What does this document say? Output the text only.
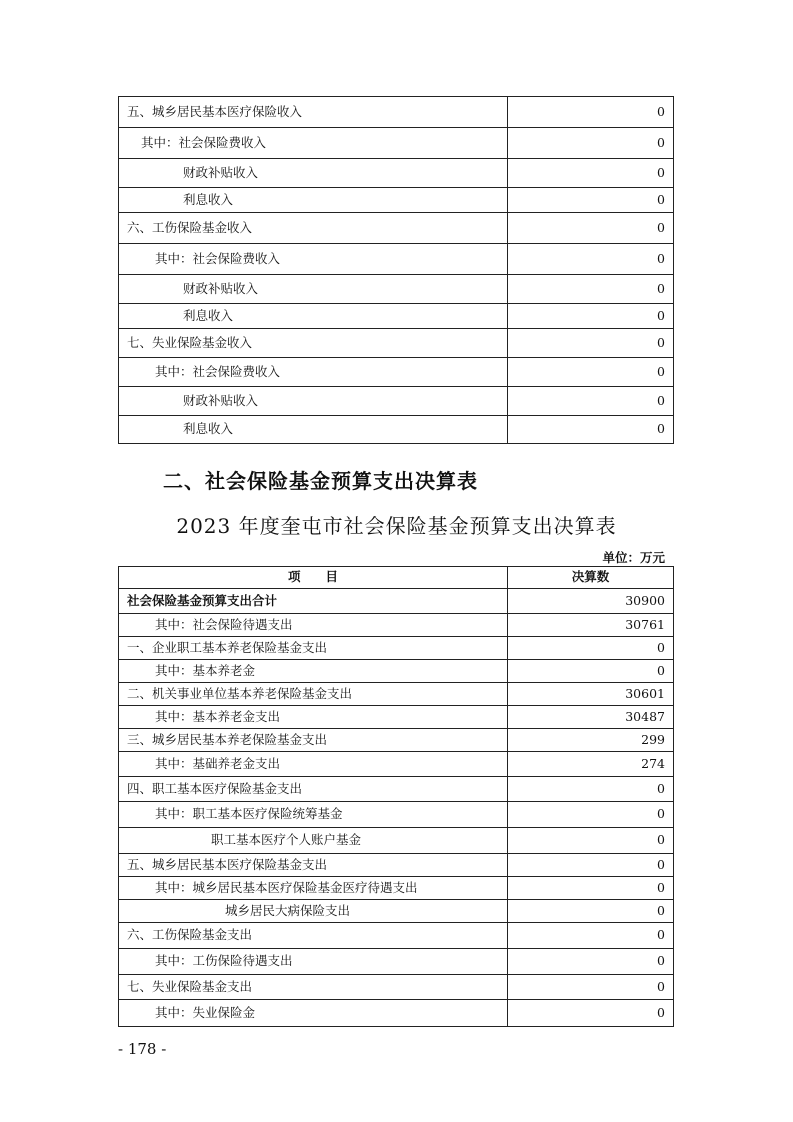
五、城乡居民基本医疗保险收入	0
其中：社会保险费收入	0
财政补贴收入	0
利息收入	0
六、工伤保险基金收入	0
其中：社会保险费收入	0
财政补贴收入	0
利息收入	0
七、失业保险基金收入	0
其中：社会保险费收入	0
财政补贴收入	0
利息收入	0
二、社会保险基金预算支出决算表
2023 年度奎屯市社会保险基金预算支出决算表
单位：万元
项　　目	决算数
社会保险基金预算支出合计	30900
其中：社会保险待遇支出	30761
一、企业职工基本养老保险基金支出	0
其中：基本养老金	0
二、机关事业单位基本养老保险基金支出	30601
其中：基本养老金支出	30487
三、城乡居民基本养老保险基金支出	299
其中：基础养老金支出	274
四、职工基本医疗保险基金支出	0
其中：职工基本医疗保险统筹基金	0
职工基本医疗个人账户基金	0
五、城乡居民基本医疗保险基金支出	0
其中：城乡居民基本医疗保险基金医疗待遇支出	0
城乡居民大病保险支出	0
六、工伤保险基金支出	0
其中：工伤保险待遇支出	0
七、失业保险基金支出	0
其中：失业保险金	0
- 178 -
